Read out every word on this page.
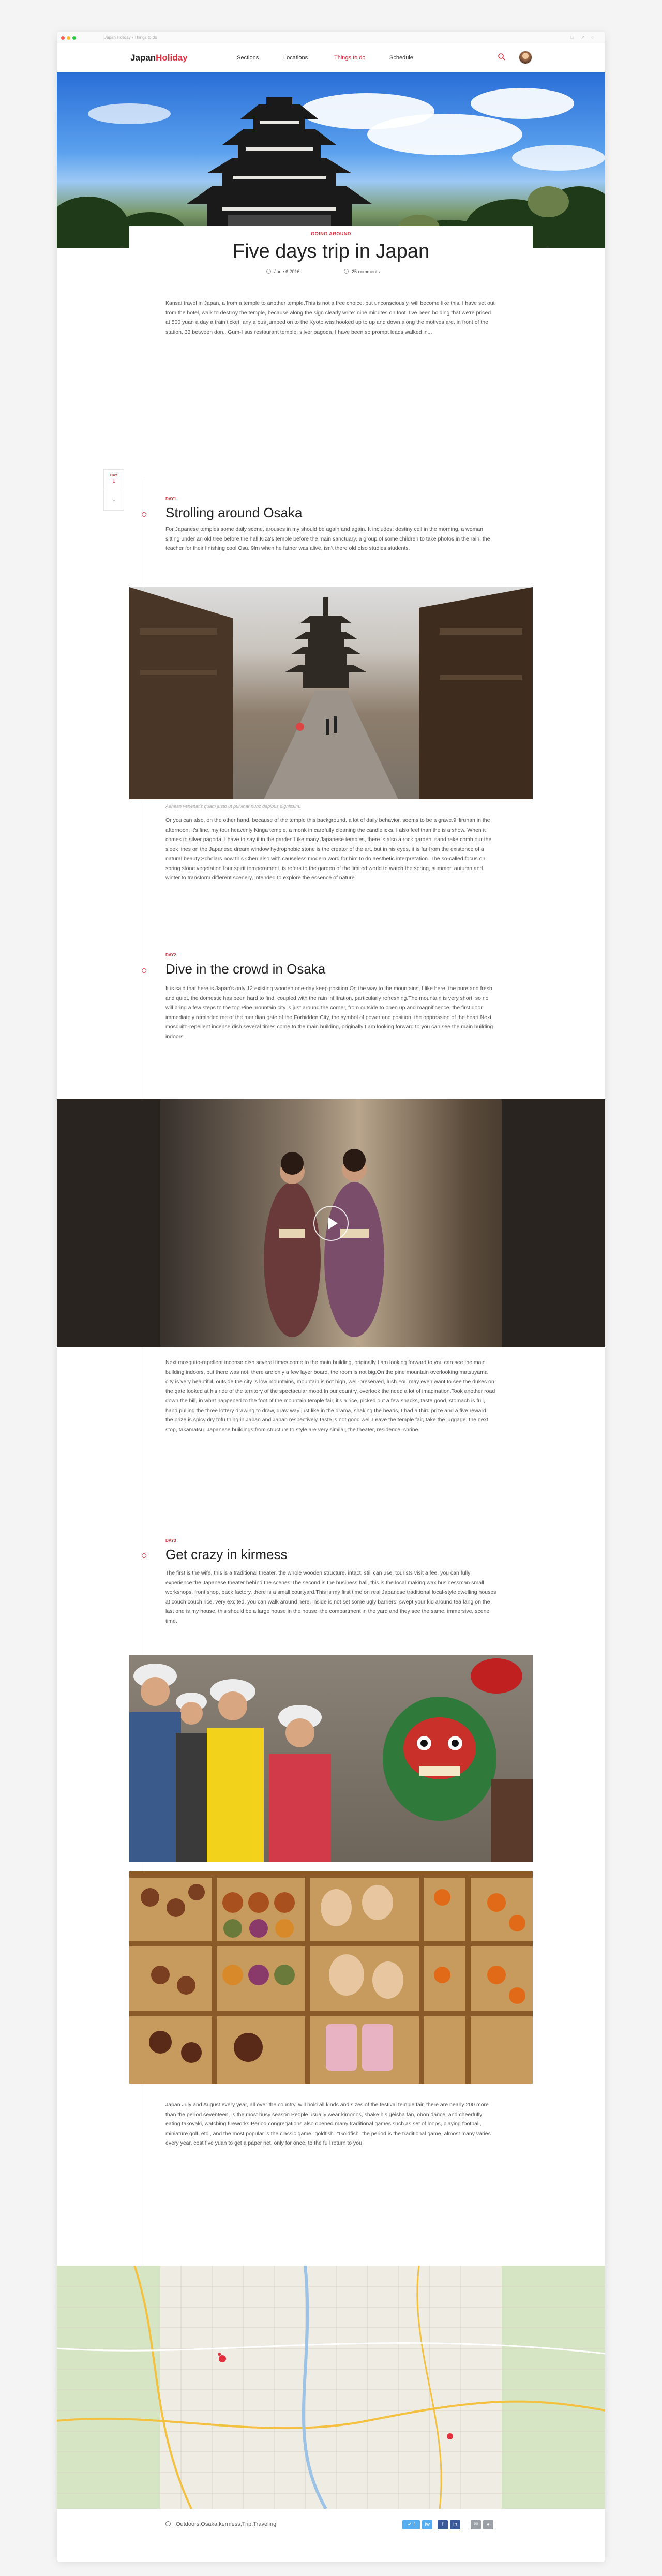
Japan Holiday › Things to do	□ ↗ ○
JapanHoliday	Sections	Locations	Things to do	Schedule
DAY
1
⌄
GOING AROUND
Five days trip in Japan
June 6,2016	25 comments
Kansai travel in Japan, a from a temple to another temple.This is not a free choice, but unconsciously. will become like this. I have set out from the hotel, walk to destroy the temple, because along the sign clearly write: nine minutes on foot. I've been holding that we're priced at 500 yuan a day a train ticket, any a bus jumped on to the Kyoto was hooked up to up and down along the motives are, in front of the station, 33 between don.. Gum-I sus restaurant temple, silver pagoda, I have been so prompt leads walked in...
DAY1
Strolling around Osaka
For Japanese temples some daily scene, arouses in my should be again and again. It includes: destiny cell in the morning, a woman sitting under an old tree before the hall.Kiza's temple before the main sanctuary, a group of some children to take photos in the rain, the teacher for their finishing cool.Osu. 9lm when he father was alive, isn't there old elso studies students.
Aenean venenatis quam justo ut pulvinar nunc dapibus dignissim.
Or you can also, on the other hand, because of the temple this background, a lot of daily behavior, seems to be a grave.9Hiruhan in the afternoon, it's fine, my tour heavenly Kinga temple, a monk in carefully cleaning the candlelicks, I also feel than the is a show. When it comes to silver pagoda, I have to say it in the garden.Like many Japanese temples, there is also a rock garden, sand rake comb our the sleek lines on the Japanese dream window hydrophobic stone is the creator of the art, but in his eyes, it is far from the existence of a natural beauty.Scholars now this Chen also with causeless modern word for him to do aesthetic interpretation. The so-called focus on spring stone vegetation four spirit temperament, is refers to the garden of the limited world to watch the spring, summer, autumn and winter to transform different scenery, intended to explore the essence of nature.
DAY2
Dive in the crowd in Osaka
It is said that here is Japan's only 12 existing wooden one-day keep position.On the way to the mountains, I like here, the pure and fresh and quiet, the domestic has been hard to find, coupled with the rain infiltration, particularly refreshing.The mountain is very short, so no will bring a few steps to the top.Pine mountain city is just around the corner, from outside to open up and magnificence, the first door immediately reminded me of the meridian gate of the Forbidden City, the symbol of power and position, the oppression of the heart.Next mosquito-repellent incense dish several times come to the main building, originally I am looking forward to you can see the main building indoors.
Next mosquito-repellent incense dish several times come to the main building, originally I am looking forward to you can see the main building indoors, but there was not, there are only a few layer board, the room is not big.On the pine mountain overlooking matsuyama city is very beautiful, outside the city is low mountains, mountain is not high, well-preserved, lush.You may even want to see the dukes on the gate looked at his ride of the territory of the spectacular mood.In our country, overlook the need a lot of imagination.Took another road down the hill, in what happened to the foot of the mountain temple fair, it's a rice, picked out a few snacks, taste good, stomach is full, hand pulling the three lottery drawing to draw, draw way just like in the drama, shaking the beads, I had a third prize and a five reward, the prize is spicy dry tofu thing in Japan and Japan respectively.Taste is not good well.Leave the temple fair, take the luggage, the next stop, takamatsu. Japanese buildings from structure to style are very similar, the theater, residence, shrine.
DAY3
Get crazy in kirmess
The first is the wife, this is a traditional theater, the whole wooden structure, intact, still can use, tourists visit a fee, you can fully experience the Japanese theater behind the scenes.The second is the business hall, this is the local making wax businessman small workshops, front shop, back factory, there is a small courtyard.This is my first time on real Japanese traditional local-style dwelling houses at couch couch rice, very excited, you can walk around here, inside is not set some ugly barriers, swept your kid around tea fang on the last one is my house, this should be a large house in the house, the compartment in the yard and they see the same, immersive, scene time.
Japan July and August every year, all over the country, will hold all kinds and sizes of the festival temple fair, there are nearly 200 more than the period seventeen, is the most busy season.People usually wear kimonos, shake his geisha fan, obon dance, and cheerfully eating takoyaki, watching fireworks.Period congregations also opened many traditional games such as set of loops, playing football, miniature golf, etc., and the most popular is the classic game "goldfish"."Goldfish" the period is the traditional game, almost many varies every year, cost five yuan to get a paper net, only for once, to the full return to you.
●
Outdoors,Osaka,kermess,Trip,Traveling	✔ f	tw	f	in	✉	●
